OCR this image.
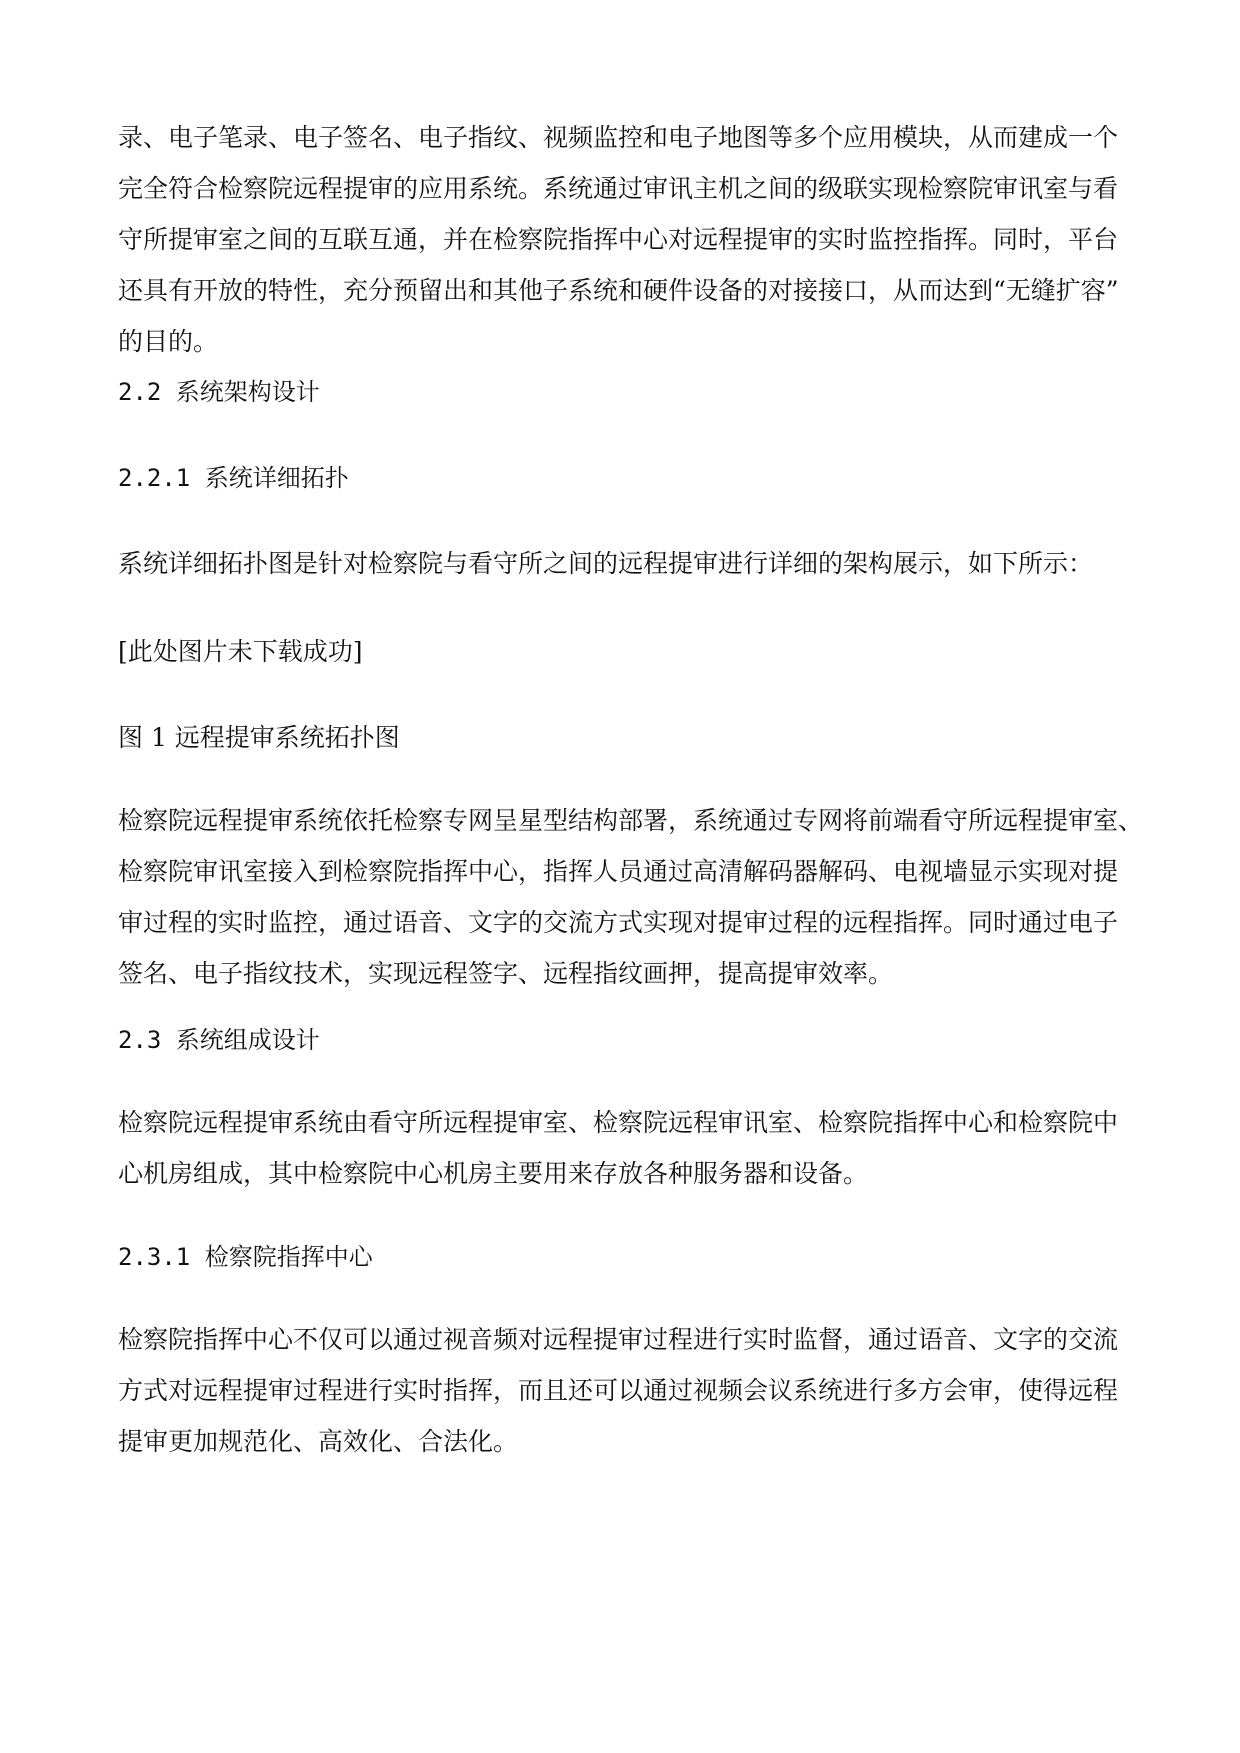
录、电子笔录、电子签名、电子指纹、视频监控和电子地图等多个应用模块，从而建成一个
完全符合检察院远程提审的应用系统。系统通过审讯主机之间的级联实现检察院审讯室与看
守所提审室之间的互联互通，并在检察院指挥中心对远程提审的实时监控指挥。同时，平台
还具有开放的特性，充分预留出和其他子系统和硬件设备的对接接口，从而达到“无缝扩容”
的目的。
2.2 系统架构设计
2.2.1 系统详细拓扑
系统详细拓扑图是针对检察院与看守所之间的远程提审进行详细的架构展示，如下所示：
[此处图片未下载成功]
图 1 远程提审系统拓扑图
检察院远程提审系统依托检察专网呈星型结构部署，系统通过专网将前端看守所远程提审室、
检察院审讯室接入到检察院指挥中心，指挥人员通过高清解码器解码、电视墙显示实现对提
审过程的实时监控，通过语音、文字的交流方式实现对提审过程的远程指挥。同时通过电子
签名、电子指纹技术，实现远程签字、远程指纹画押，提高提审效率。
2.3 系统组成设计
检察院远程提审系统由看守所远程提审室、检察院远程审讯室、检察院指挥中心和检察院中
心机房组成，其中检察院中心机房主要用来存放各种服务器和设备。
2.3.1 检察院指挥中心
检察院指挥中心不仅可以通过视音频对远程提审过程进行实时监督，通过语音、文字的交流
方式对远程提审过程进行实时指挥，而且还可以通过视频会议系统进行多方会审，使得远程
提审更加规范化、高效化、合法化。
